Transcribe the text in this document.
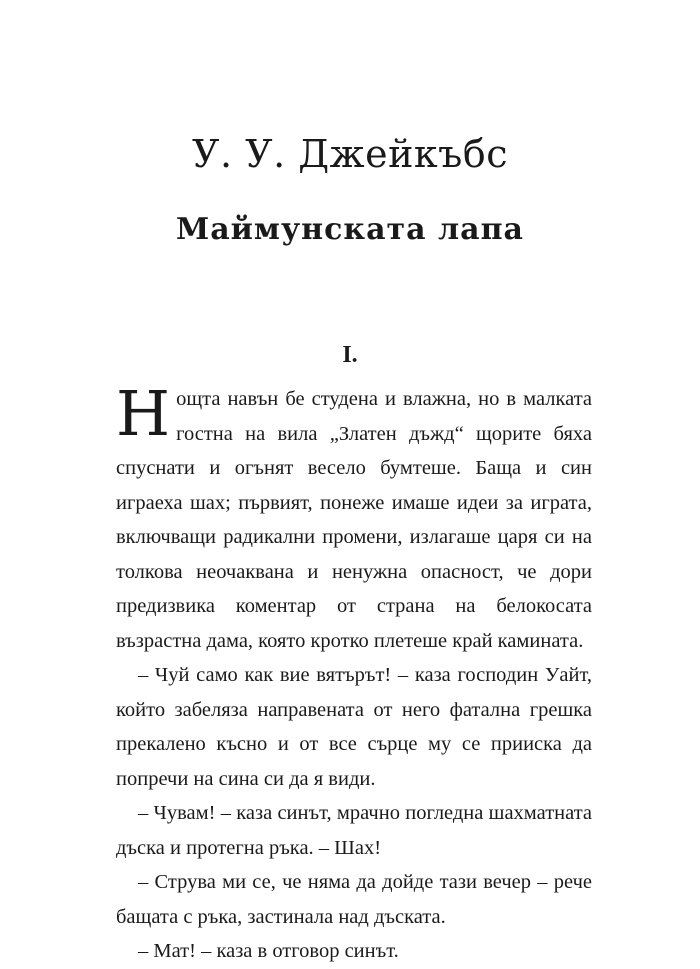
У. У. Джейкъбс
Маймунската лапа
I.

Нощта навън бе студена и влажна, но в малката гостна на вила „Златен дъжд“ щорите бяха спуснати и огънят весело бумтеше. Баща и син играеха шах; първият, понеже имаше идеи за играта, включващи радикални промени, излагаше царя си на толкова неочаквана и ненужна опасност, че дори предизвика коментар от страна на белокосата възрастна дама, която кротко плетеше край камината.

– Чуй само как вие вятърът! – каза господин Уайт, който забеляза направената от него фатална грешка прекалено късно и от все сърце му се прииска да попречи на сина си да я види.

– Чувам! – каза синът, мрачно погледна шахматната дъска и протегна ръка. – Шах!

– Струва ми се, че няма да дойде тази вечер – рече бащата с ръка, застинала над дъската.

– Мат! – каза в отговор синът.
